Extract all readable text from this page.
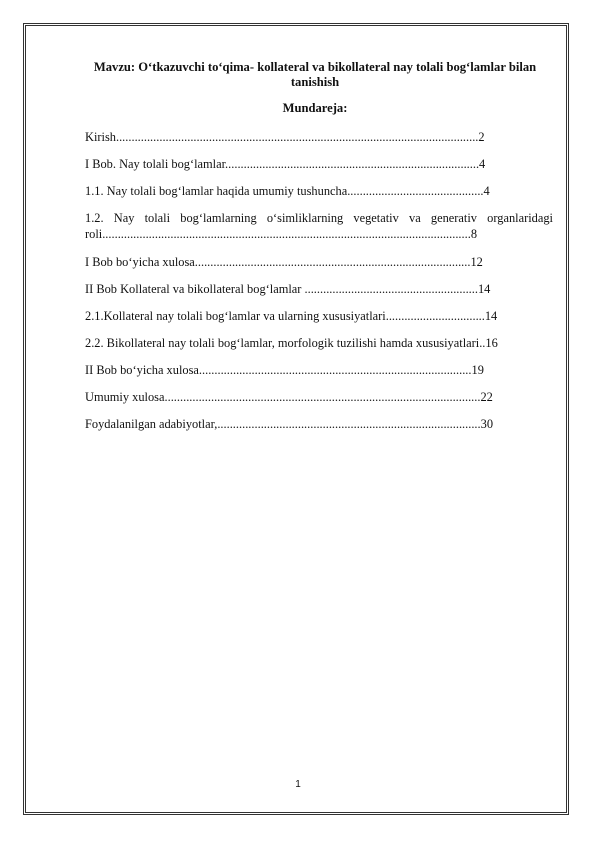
Mavzu: O‘tkazuvchi to‘qima- kollateral va bikollateral nay tolali bog‘lamlar bilan tanishish
Mundareja:
Kirish.....................................................................................................................2
I Bob. Nay tolali bog‘lamlar..................................................................................4
1.1. Nay tolali bog‘lamlar haqida umumiy tushuncha............................................4
1.2. Nay tolali bog‘lamlarning o‘simliklarning vegetativ va generativ organlaridagi roli.......................................................................................................................8
I Bob bo‘yicha xulosa.........................................................................................12
II Bob Kollateral va bikollateral bog‘lamlar ........................................................14
2.1.Kollateral nay tolali bog‘lamlar va ularning xususiyatlari................................14
2.2. Bikollateral nay tolali bog‘lamlar, morfologik tuzilishi hamda xususiyatlari..16
II Bob bo‘yicha xulosa........................................................................................19
Umumiy xulosa......................................................................................................22
Foydalanilgan adabiyotlar,.....................................................................................30
1
